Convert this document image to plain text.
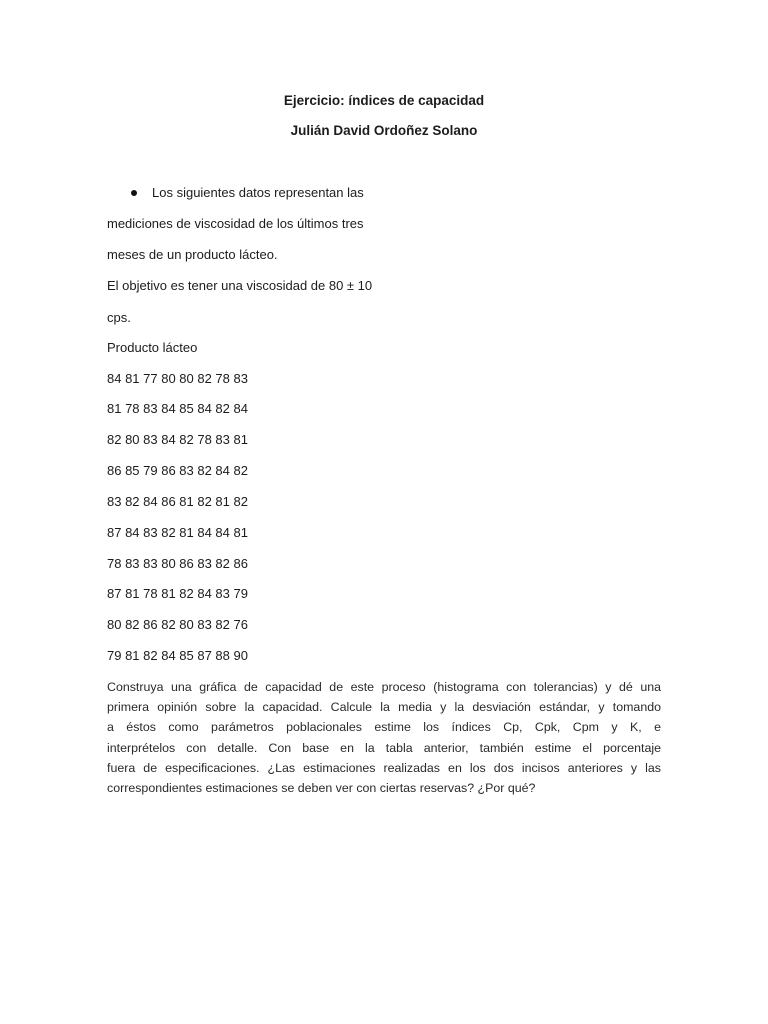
Ejercicio: índices de capacidad
Julián David Ordoñez Solano
Los siguientes datos representan las
mediciones de viscosidad de los últimos tres
meses de un producto lácteo.
El objetivo es tener una viscosidad de 80 ± 10
cps.
Producto lácteo
84 81 77 80 80 82 78 83
81 78 83 84 85 84 82 84
82 80 83 84 82 78 83 81
86 85 79 86 83 82 84 82
83 82 84 86 81 82 81 82
87 84 83 82 81 84 84 81
78 83 83 80 86 83 82 86
87 81 78 81 82 84 83 79
80 82 86 82 80 83 82 76
79 81 82 84 85 87 88 90
Construya una gráfica de capacidad de este proceso (histograma con tolerancias) y dé una
primera opinión sobre la capacidad. Calcule la media y la desviación estándar, y tomando
a éstos como parámetros poblacionales estime los índices Cp, Cpk, Cpm y K, e
interprételos con detalle. Con base en la tabla anterior, también estime el porcentaje
fuera de especificaciones. ¿Las estimaciones realizadas en los dos incisos anteriores y las
correspondientes estimaciones se deben ver con ciertas reservas? ¿Por qué?
